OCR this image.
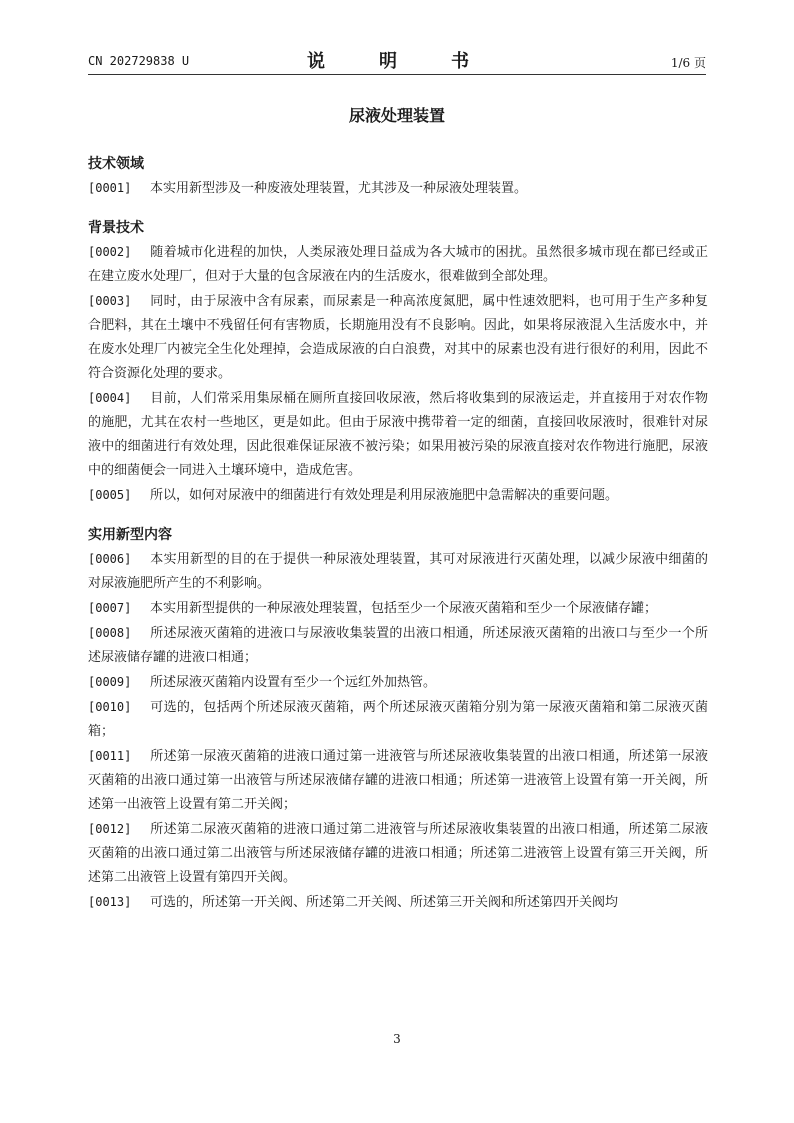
CN 202729838 U	说　明　书	1/6 页
尿液处理装置
技术领域

[0001] 本实用新型涉及一种废液处理装置，尤其涉及一种尿液处理装置。

背景技术

[0002] 随着城市化进程的加快，人类尿液处理日益成为各大城市的困扰。虽然很多城市现在都已经或正在建立废水处理厂，但对于大量的包含尿液在内的生活废水，很难做到全部处理。

[0003] 同时，由于尿液中含有尿素，而尿素是一种高浓度氮肥，属中性速效肥料，也可用于生产多种复合肥料，其在土壤中不残留任何有害物质，长期施用没有不良影响。因此，如果将尿液混入生活废水中，并在废水处理厂内被完全生化处理掉，会造成尿液的白白浪费，对其中的尿素也没有进行很好的利用，因此不符合资源化处理的要求。

[0004] 目前，人们常采用集尿桶在厕所直接回收尿液，然后将收集到的尿液运走，并直接用于对农作物的施肥，尤其在农村一些地区，更是如此。但由于尿液中携带着一定的细菌，直接回收尿液时，很难针对尿液中的细菌进行有效处理，因此很难保证尿液不被污染；如果用被污染的尿液直接对农作物进行施肥，尿液中的细菌便会一同进入土壤环境中，造成危害。

[0005] 所以，如何对尿液中的细菌进行有效处理是利用尿液施肥中急需解决的重要问题。

实用新型内容

[0006] 本实用新型的目的在于提供一种尿液处理装置，其可对尿液进行灭菌处理，以减少尿液中细菌的对尿液施肥所产生的不利影响。

[0007] 本实用新型提供的一种尿液处理装置，包括至少一个尿液灭菌箱和至少一个尿液储存罐；

[0008] 所述尿液灭菌箱的进液口与尿液收集装置的出液口相通，所述尿液灭菌箱的出液口与至少一个所述尿液储存罐的进液口相通；

[0009] 所述尿液灭菌箱内设置有至少一个远红外加热管。

[0010] 可选的，包括两个所述尿液灭菌箱，两个所述尿液灭菌箱分别为第一尿液灭菌箱和第二尿液灭菌箱；

[0011] 所述第一尿液灭菌箱的进液口通过第一进液管与所述尿液收集装置的出液口相通，所述第一尿液灭菌箱的出液口通过第一出液管与所述尿液储存罐的进液口相通；所述第一进液管上设置有第一开关阀，所述第一出液管上设置有第二开关阀；

[0012] 所述第二尿液灭菌箱的进液口通过第二进液管与所述尿液收集装置的出液口相通，所述第二尿液灭菌箱的出液口通过第二出液管与所述尿液储存罐的进液口相通；所述第二进液管上设置有第三开关阀，所述第二出液管上设置有第四开关阀。

[0013] 可选的，所述第一开关阀、所述第二开关阀、所述第三开关阀和所述第四开关阀均

3
